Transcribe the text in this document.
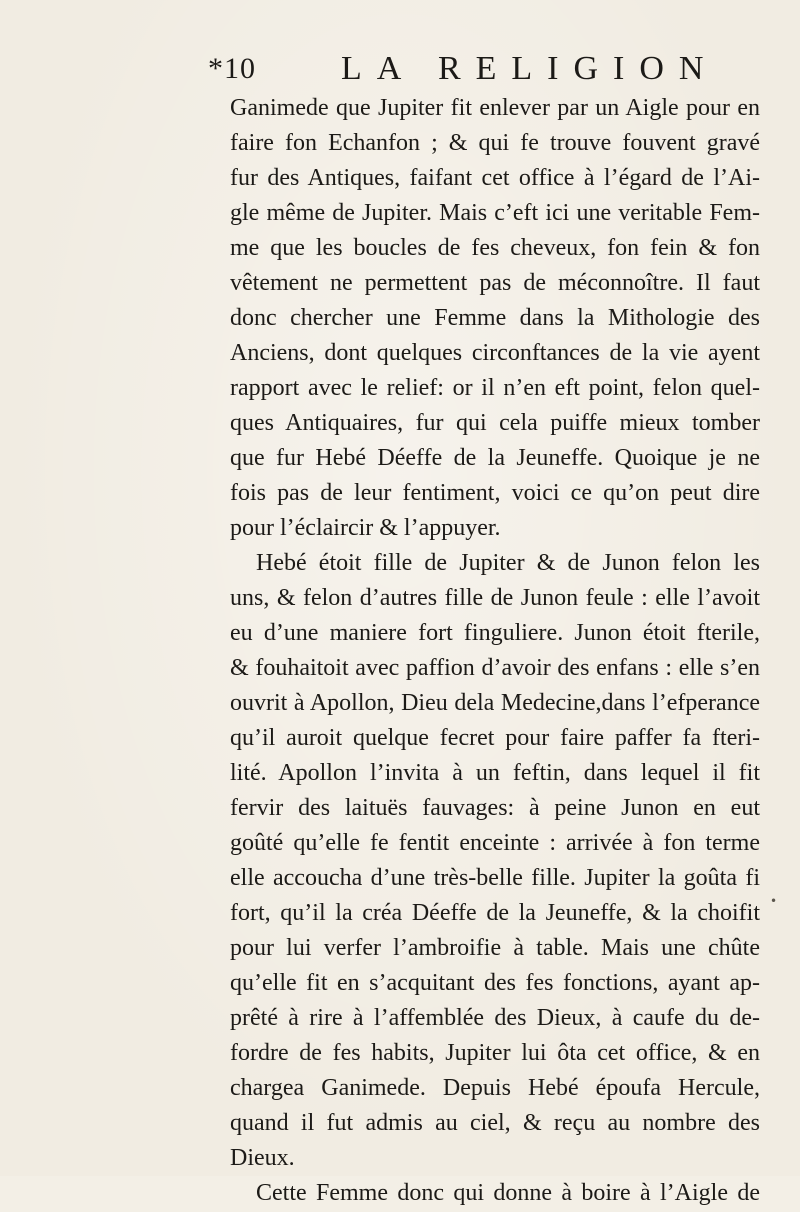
*10	LA RELIGION
Ganimede que Jupiter fit enlever par un Aigle pour en
faire fon Echanfon ; & qui fe trouve fouvent gravé
fur des Antiques, faifant cet office à l’égard de l’Ai-
gle même de Jupiter. Mais c’eft ici une veritable Fem-
me que les boucles de fes cheveux, fon fein & fon
vêtement ne permettent pas de méconnoître. Il faut
donc chercher une Femme dans la Mithologie des
Anciens, dont quelques circonftances de la vie ayent
rapport avec le relief: or il n’en eft point, felon quel-
ques Antiquaires, fur qui cela puiffe mieux tomber
que fur Hebé Déeffe de la Jeuneffe. Quoique je ne
fois pas de leur fentiment, voici ce qu’on peut dire
pour l’éclaircir & l’appuyer.
Hebé étoit fille de Jupiter & de Junon felon les
uns, & felon d’autres fille de Junon feule : elle l’avoit
eu d’une maniere fort finguliere. Junon étoit fterile,
& fouhaitoit avec paffion d’avoir des enfans : elle s’en
ouvrit à Apollon, Dieu dela Medecine,dans l’efperance
qu’il auroit quelque fecret pour faire paffer fa fteri-
lité. Apollon l’invita à un feftin, dans lequel il fit
fervir des laituës fauvages: à peine Junon en eut
goûté qu’elle fe fentit enceinte : arrivée à fon terme
elle accoucha d’une très-belle fille. Jupiter la goûta fi
fort, qu’il la créa Déeffe de la Jeuneffe, & la choifit
pour lui verfer l’ambroifie à table. Mais une chûte
qu’elle fit en s’acquitant des fes fonctions, ayant ap-
prêté à rire à l’affemblée des Dieux, à caufe du de-
fordre de fes habits, Jupiter lui ôta cet office, & en
chargea Ganimede. Depuis Hebé époufa Hercule,
quand il fut admis au ciel, & reçu au nombre des
Dieux.
Cette Femme donc qui donne à boire à l’Aigle de
•
